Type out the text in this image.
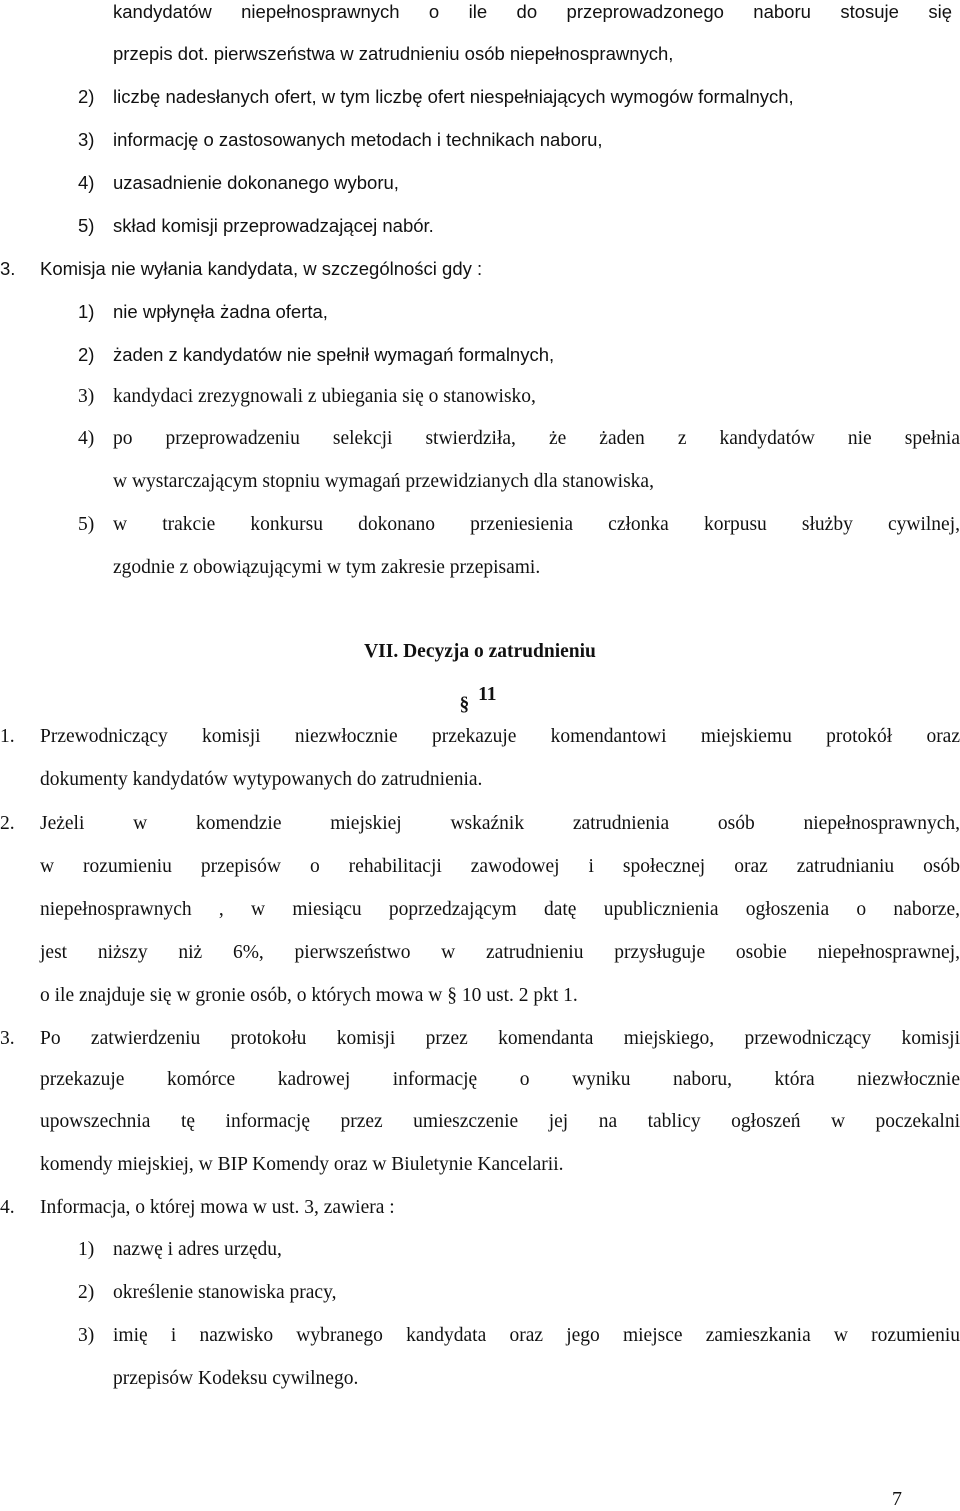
kandydatów niepełnosprawnych o ile do przeprowadzonego naboru stosuje się
przepis dot. pierwszeństwa w zatrudnieniu osób niepełnosprawnych,
2) liczbę nadesłanych ofert, w tym liczbę ofert niespełniających wymogów formalnych,
3) informację o zastosowanych metodach i technikach naboru,
4) uzasadnienie dokonanego wyboru,
5) skład komisji przeprowadzającej nabór.
3. Komisja nie wyłania kandydata, w szczególności gdy :
1) nie wpłynęła żadna oferta,
2) żaden z kandydatów nie spełnił wymagań formalnych,
3) kandydaci zrezygnowali z ubiegania się o stanowisko,
4) po przeprowadzeniu selekcji stwierdziła, że żaden z kandydatów nie spełnia
w wystarczającym stopniu wymagań przewidzianych dla stanowiska,
5) w trakcie konkursu dokonano przeniesienia członka korpusu służby cywilnej,
zgodnie z obowiązującymi w tym zakresie przepisami.
VII. Decyzja o zatrudnieniu
§ 11
1. Przewodniczący komisji niezwłocznie przekazuje komendantowi miejskiemu protokół oraz
dokumenty kandydatów wytypowanych do zatrudnienia.
2. Jeżeli w komendzie miejskiej wskaźnik zatrudnienia osób niepełnosprawnych,
w rozumieniu przepisów o rehabilitacji zawodowej i społecznej oraz zatrudnianiu osób
niepełnosprawnych , w miesiącu poprzedzającym datę upublicznienia ogłoszenia o naborze,
jest niższy niż 6%, pierwszeństwo w zatrudnieniu przysługuje osobie niepełnosprawnej,
o ile znajduje się w gronie osób, o których mowa w § 10 ust. 2 pkt 1.
3. Po zatwierdzeniu protokołu komisji przez komendanta miejskiego, przewodniczący komisji
przekazuje komórce kadrowej informację o wyniku naboru, która niezwłocznie
upowszechnia tę informację przez umieszczenie jej na tablicy ogłoszeń w poczekalni
komendy miejskiej, w BIP Komendy oraz w Biuletynie Kancelarii.
4. Informacja, o której mowa w ust. 3, zawiera :
1) nazwę i adres urzędu,
2) określenie stanowiska pracy,
3) imię i nazwisko wybranego kandydata oraz jego miejsce zamieszkania w rozumieniu
przepisów Kodeksu cywilnego.
7
